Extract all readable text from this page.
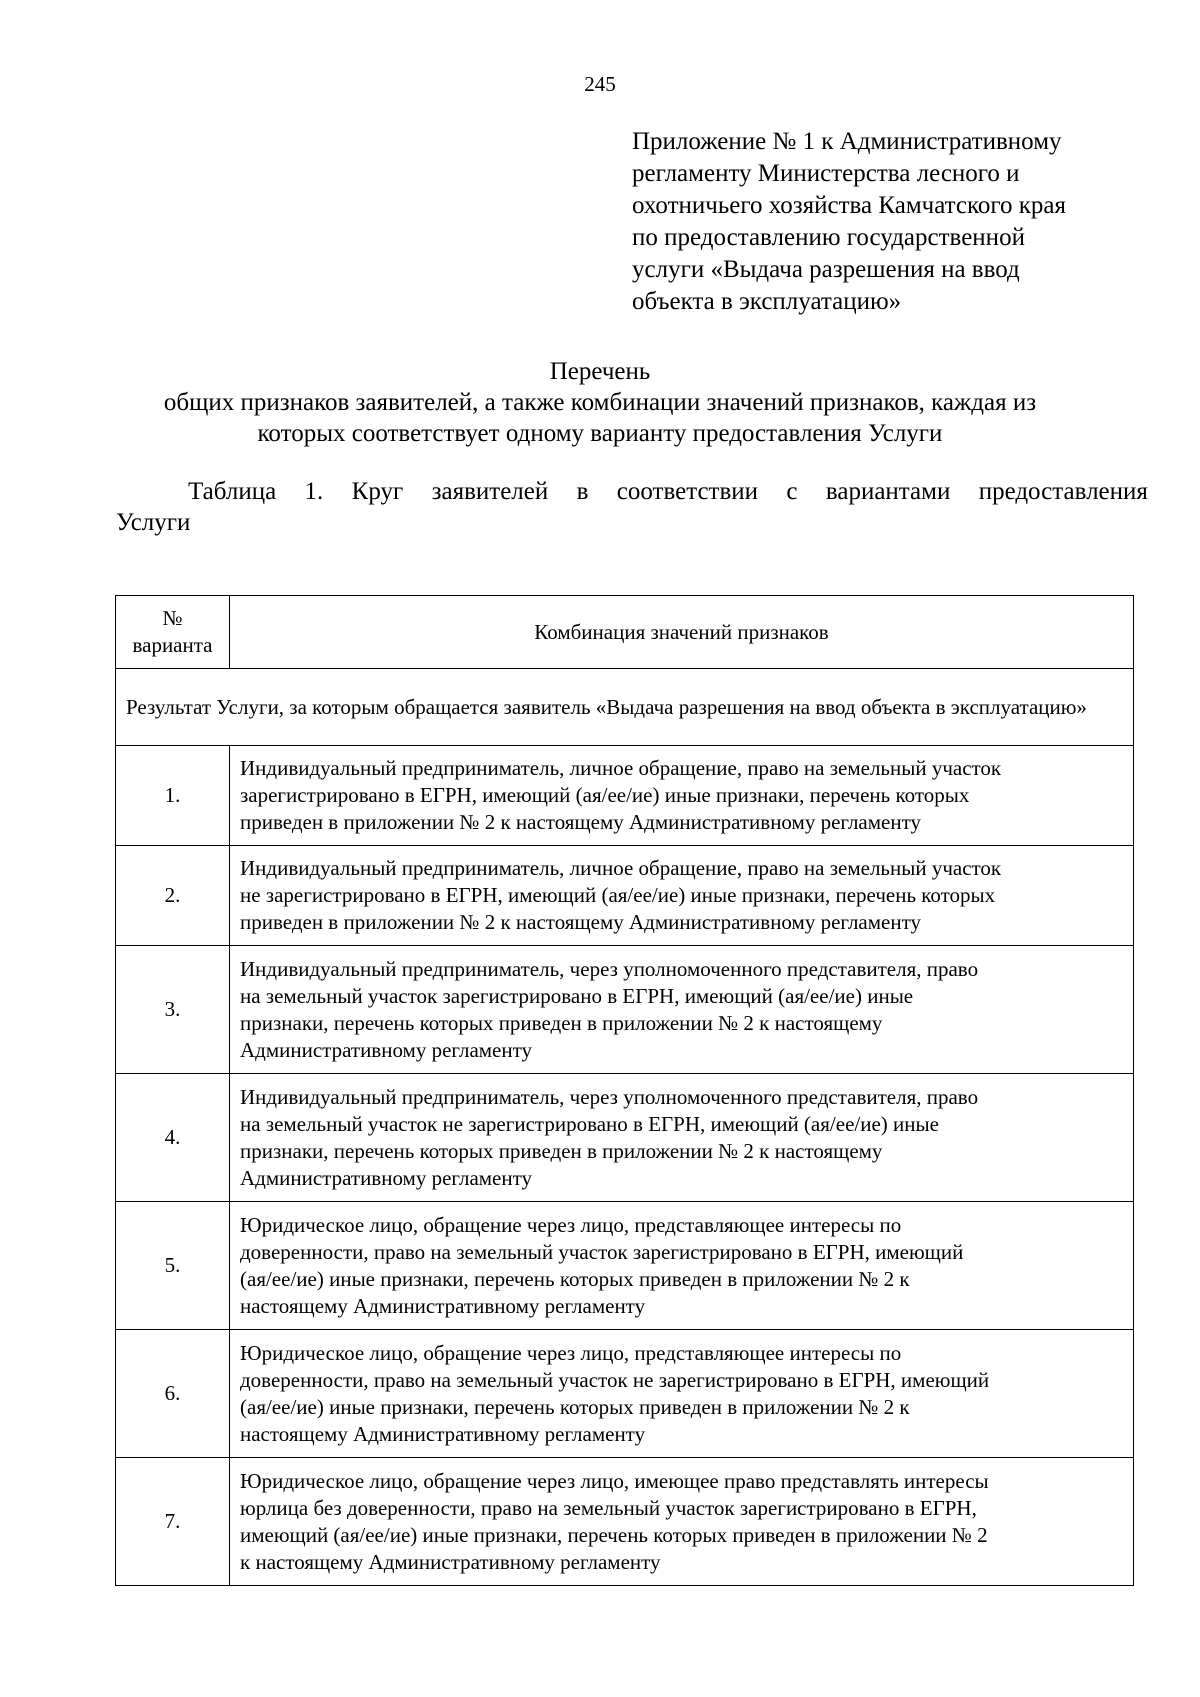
245
Приложение № 1 к Административному
регламенту Министерства лесного и
охотничьего хозяйства Камчатского края
по предоставлению государственной
услуги «Выдача разрешения на ввод
объекта в эксплуатацию»
Перечень
общих признаков заявителей, а также комбинации значений признаков, каждая из
которых соответствует одному варианту предоставления Услуги
Таблица 1. Круг заявителей в соответствии с вариантами предоставления
Услуги
№
варианта	Комбинация значений признаков
Результат Услуги, за которым обращается заявитель «Выдача разрешения на ввод объекта в эксплуатацию»	
1.	Индивидуальный предприниматель, личное обращение, право на земельный участок
зарегистрировано в ЕГРН, имеющий (ая/ее/ие) иные признаки, перечень которых
приведен в приложении № 2 к настоящему Административному регламенту

2.	Индивидуальный предприниматель, личное обращение, право на земельный участок
не зарегистрировано в ЕГРН, имеющий (ая/ее/ие) иные признаки, перечень которых
приведен в приложении № 2 к настоящему Административному регламенту

3.	Индивидуальный предприниматель, через уполномоченного представителя, право
на земельный участок зарегистрировано в ЕГРН, имеющий (ая/ее/ие) иные
признаки, перечень которых приведен в приложении № 2 к настоящему
Административному регламенту

4.	Индивидуальный предприниматель, через уполномоченного представителя, право
на земельный участок не зарегистрировано в ЕГРН, имеющий (ая/ее/ие) иные
признаки, перечень которых приведен в приложении № 2 к настоящему
Административному регламенту

5.	Юридическое лицо, обращение через лицо, представляющее интересы по
доверенности, право на земельный участок зарегистрировано в ЕГРН, имеющий
(ая/ее/ие) иные признаки, перечень которых приведен в приложении № 2 к
настоящему Административному регламенту

6.	Юридическое лицо, обращение через лицо, представляющее интересы по
доверенности, право на земельный участок не зарегистрировано в ЕГРН, имеющий
(ая/ее/ие) иные признаки, перечень которых приведен в приложении № 2 к
настоящему Административному регламенту

7.	Юридическое лицо, обращение через лицо, имеющее право представлять интересы
юрлица без доверенности, право на земельный участок зарегистрировано в ЕГРН,
имеющий (ая/ее/ие) иные признаки, перечень которых приведен в приложении № 2
к настоящему Административному регламенту
